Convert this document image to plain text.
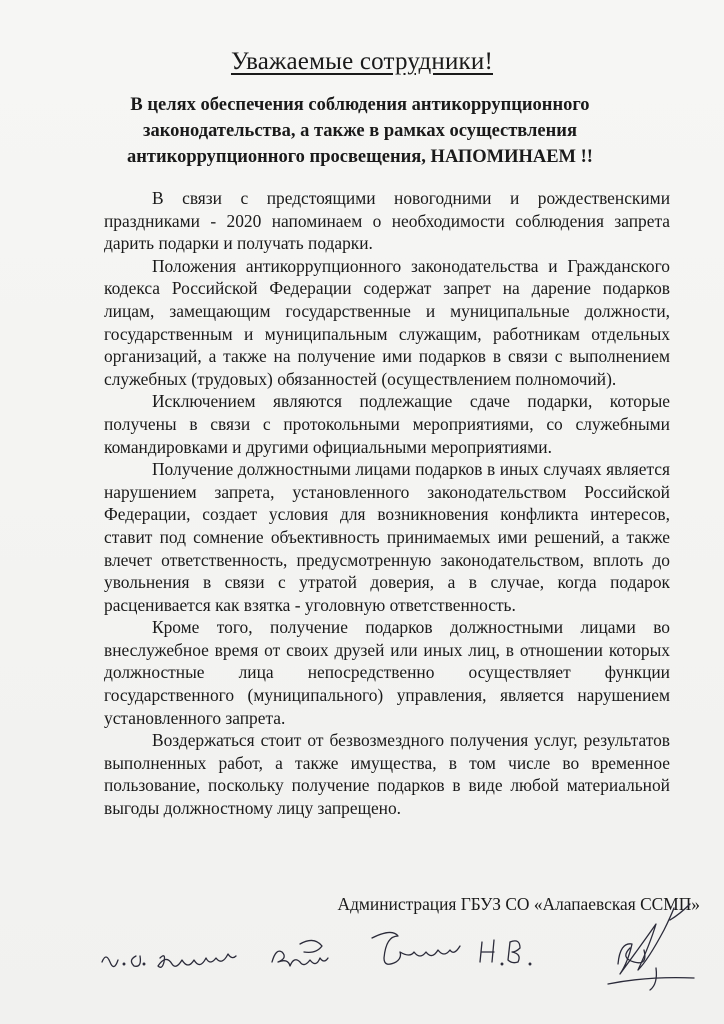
Уважаемые сотрудники!
В целях обеспечения соблюдения антикоррупционного
законодательства, а также в рамках осуществления
антикоррупционного просвещения, НАПОМИНАЕМ !!

В связи с предстоящими новогодними и рождественскими праздниками - 2020 напоминаем о необходимости соблюдения запрета дарить подарки и получать подарки.

Положения антикоррупционного законодательства и Гражданского кодекса Российской Федерации содержат запрет на дарение подарков лицам, замещающим государственные и муниципальные должности, государственным и муниципальным служащим, работникам отдельных организаций, а также на получение ими подарков в связи с выполнением служебных (трудовых) обязанностей (осуществлением полномочий).

Исключением являются подлежащие сдаче подарки, которые получены в связи с протокольными мероприятиями, со служебными командировками и другими официальными мероприятиями.

Получение должностными лицами подарков в иных случаях является нарушением запрета, установленного законодательством Российской Федерации, создает условия для возникновения конфликта интересов, ставит под сомнение объективность принимаемых ими решений, а также влечет ответственность, предусмотренную законодательством, вплоть до увольнения в связи с утратой доверия, а в случае, когда подарок расценивается как взятка - уголовную ответственность.

Кроме того, получение подарков должностными лицами во внеслужебное время от своих друзей или иных лиц, в отношении которых должностные лица непосредственно осуществляет функции государственного (муниципального) управления, является нарушением установленного запрета.

Воздержаться стоит от безвозмездного получения услуг, результатов выполненных работ, а также имущества, в том числе во временное пользование, поскольку получение подарков в виде любой материальной выгоды должностному лицу запрещено.

Администрация ГБУЗ СО «Алапаевская ССМП»
